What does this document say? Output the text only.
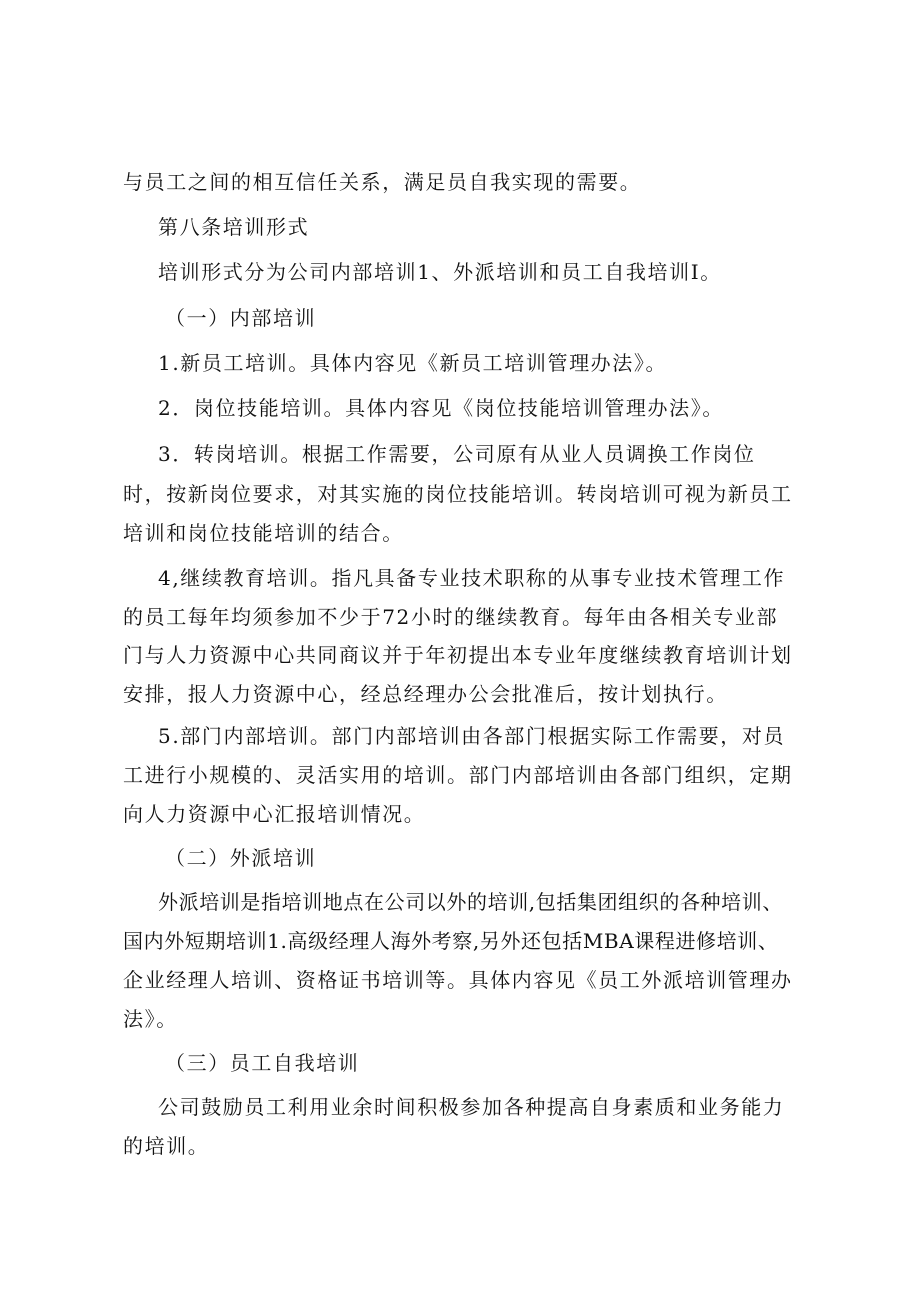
与员工之间的相互信任关系，满足员自我实现的需要。
第八条培训形式
培训形式分为公司内部培训1、外派培训和员工自我培训I。
（一）内部培训
1.新员工培训。具体内容见《新员工培训管理办法》。
2．岗位技能培训。具体内容见《岗位技能培训管理办法》。
3．转岗培训。根据工作需要，公司原有从业人员调换工作岗位
时，按新岗位要求，对其实施的岗位技能培训。转岗培训可视为新员工
培训和岗位技能培训的结合。
4,继续教育培训。指凡具备专业技术职称的从事专业技术管理工作
的员工每年均须参加不少于72小时的继续教育。每年由各相关专业部
门与人力资源中心共同商议并于年初提出本专业年度继续教育培训计划
安排，报人力资源中心，经总经理办公会批准后，按计划执行。
5.部门内部培训。部门内部培训由各部门根据实际工作需要，对员
工进行小规模的、灵活实用的培训。部门内部培训由各部门组织，定期
向人力资源中心汇报培训情况。
（二）外派培训
外派培训是指培训地点在公司以外的培训,包括集团组织的各种培训、
国内外短期培训1.高级经理人海外考察,另外还包括MBA课程进修培训、
企业经理人培训、资格证书培训等。具体内容见《员工外派培训管理办
法》。
（三）员工自我培训
公司鼓励员工利用业余时间积极参加各种提高自身素质和业务能力
的培训。
